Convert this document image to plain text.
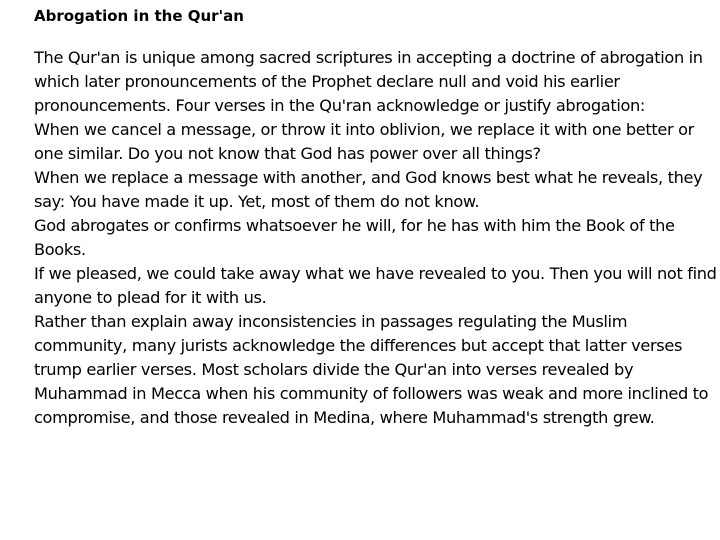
Abrogation in the Qur'an

The Qur'an is unique among sacred scriptures in accepting a doctrine of abrogation in which later pronouncements of the Prophet declare null and void his earlier pronouncements. Four verses in the Qu'ran acknowledge or justify abrogation:

When we cancel a message, or throw it into oblivion, we replace it with one better or one similar. Do you not know that God has power over all things?

When we replace a message with another, and God knows best what he reveals, they say: You have made it up. Yet, most of them do not know.

God abrogates or confirms whatsoever he will, for he has with him the Book of the Books.

If we pleased, we could take away what we have revealed to you. Then you will not find anyone to plead for it with us.

Rather than explain away inconsistencies in passages regulating the Muslim community, many jurists acknowledge the differences but accept that latter verses trump earlier verses. Most scholars divide the Qur'an into verses revealed by Muhammad in Mecca when his community of followers was weak and more inclined to compromise, and those revealed in Medina, where Muhammad's strength grew.
